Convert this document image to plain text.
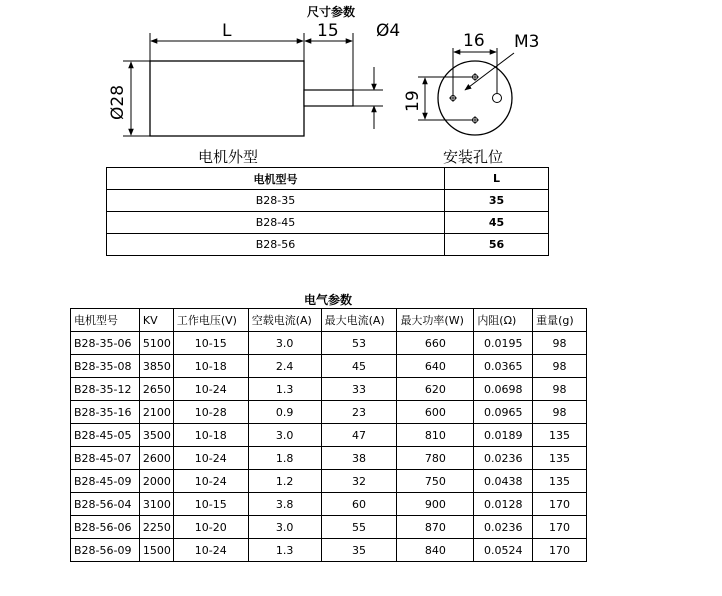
尺寸参数
L	15 Ø4
Ø28
16 M3
19
电机外型	安装孔位
电机型号	L
B28-35	35
B28-45	45
B28-56	56
电气参数
电机型号	KV	工作电压(V)	空载电流(A)	最大电流(A)	最大功率(W)	内阻(Ω)	重量(g)
B28-35-06	5100	10-15	3.0	53	660	0.0195	98
B28-35-08	3850	10-18	2.4	45	640	0.0365	98
B28-35-12	2650	10-24	1.3	33	620	0.0698	98
B28-35-16	2100	10-28	0.9	23	600	0.0965	98
B28-45-05	3500	10-18	3.0	47	810	0.0189	135
B28-45-07	2600	10-24	1.8	38	780	0.0236	135
B28-45-09	2000	10-24	1.2	32	750	0.0438	135
B28-56-04	3100	10-15	3.8	60	900	0.0128	170
B28-56-06	2250	10-20	3.0	55	870	0.0236	170
B28-56-09	1500	10-24	1.3	35	840	0.0524	170
